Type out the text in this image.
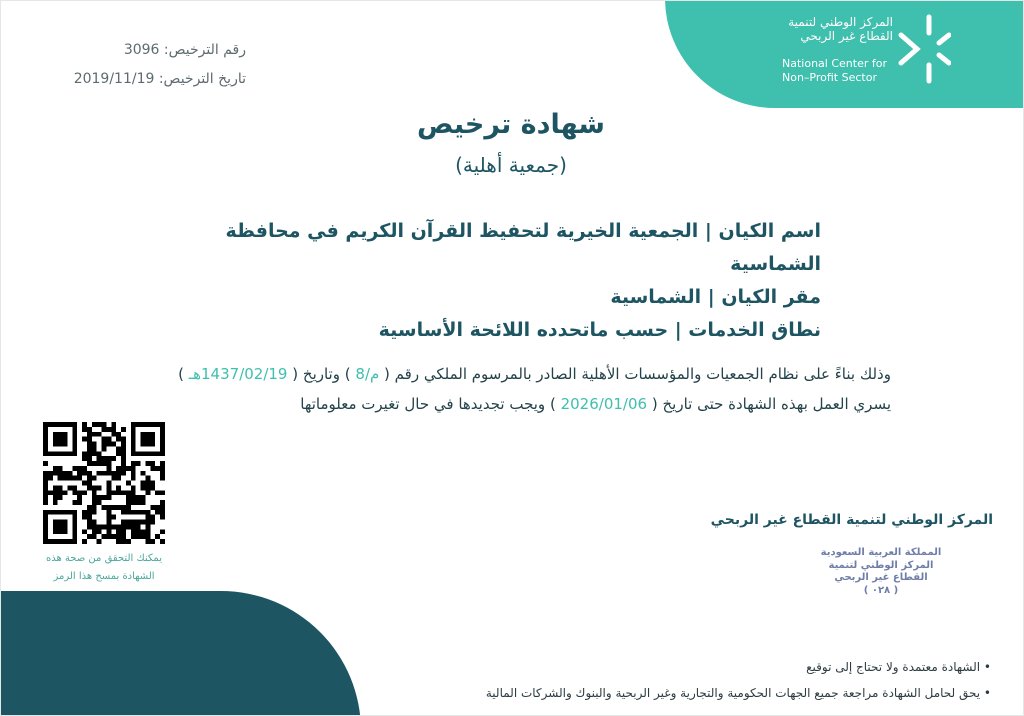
المركز الوطني لتنمية
القطاع غير الربحي
National Center for
Non–Profit Sector
رقم الترخيص: 3096
تاريخ الترخيص: 2019/11/19
شهادة ترخيص
(جمعية أهلية)
اسم الكيان | الجمعية الخيرية لتحفيظ القرآن الكريم في محافظة الشماسية
مقر الكيان | الشماسية
نطاق الخدمات | حسب ماتحدده اللائحة الأساسية
وذلك بناءً على نظام الجمعيات والمؤسسات الأهلية الصادر بالمرسوم الملكي رقم ( م/8 ) وتاريخ ( 1437/02/19هـ )
يسري العمل بهذه الشهادة حتى تاريخ ( 2026/01/06 ) ويجب تجديدها في حال تغيرت معلوماتها
يمكنك التحقق من صحة هذه
الشهادة بمسح هذا الرمز
المركز الوطني لتنمية القطاع غير الربحي
المملكة العربية السعودية
المركز الوطني لتنمية
القطاع غير الربحي
( ٠٢٨ )
• الشهادة معتمدة ولا تحتاج إلى توقيع
• يحق لحامل الشهادة مراجعة جميع الجهات الحكومية والتجارية وغير الربحية والبنوك والشركات المالية
